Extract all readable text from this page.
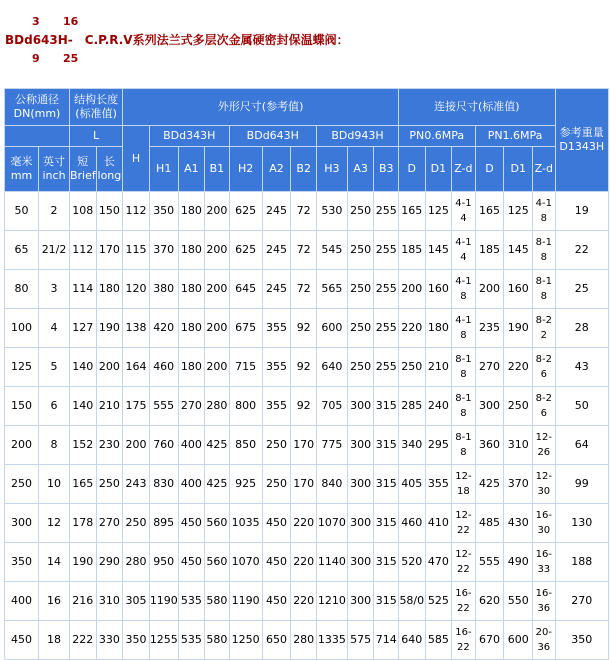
3 16
BDd643H-　C.P.R.V系列法兰式多层次金属硬密封保温蝶阀：
9 25
公称通径DN(mm)		结构长度(标准值)		外形尺寸(参考值)										连接尺寸(标准值)						参考重量D1343H
		L		H	BDd343H			BDd643H			BDd943H			PN0.6MPa			PN1.6MPa			
毫米mm	英寸inch	短Brief	长long		H1	A1	B1	H2	A2	B2	H3	A3	B3	D	D1	Z-d	D	D1	Z-d	
50	2	108	150	112	350	180	200	625	245	72	530	250	255	165	125	4-14	165	125	4-18	19
65	21/2	112	170	115	370	180	200	625	245	72	545	250	255	185	145	4-14	185	145	8-18	22
80	3	114	180	120	380	180	200	645	245	72	565	250	255	200	160	4-18	200	160	8-18	25
100	4	127	190	138	420	180	200	675	355	92	600	250	255	220	180	4-18	235	190	8-22	28
125	5	140	200	164	460	180	200	715	355	92	640	250	255	250	210	8-18	270	220	8-26	43
150	6	140	210	175	555	270	280	800	355	92	705	300	315	285	240	8-18	300	250	8-26	50
200	8	152	230	200	760	400	425	850	250	170	775	300	315	340	295	8-18	360	310	12-26	64
250	10	165	250	243	830	400	425	925	250	170	840	300	315	405	355	12-18	425	370	12-30	99
300	12	178	270	250	895	450	560	1035	450	220	1070	300	315	460	410	12-22	485	430	16-30	130
350	14	190	290	280	950	450	560	1070	450	220	1140	300	315	520	470	12-22	555	490	16-33	188
400	16	216	310	305	1190	535	580	1190	450	220	1210	300	315	58/0	525	16-22	620	550	16-36	270
450	18	222	330	350	1255	535	580	1250	650	280	1335	575	714	640	585	16-22	670	600	20-36	350
